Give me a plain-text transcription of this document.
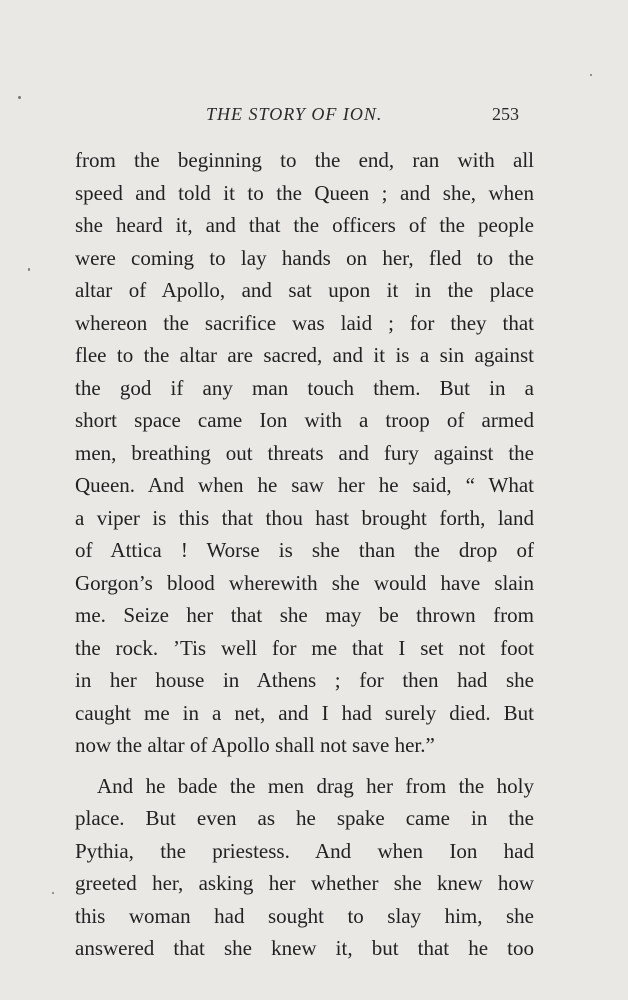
THE STORY OF ION.	253
from the beginning to the end, ran with all
speed and told it to the Queen ; and she, when
she heard it, and that the officers of the people
were coming to lay hands on her, fled to the
altar of Apollo, and sat upon it in the place
whereon the sacrifice was laid ; for they that
flee to the altar are sacred, and it is a sin against
the god if any man touch them. But in a
short space came Ion with a troop of armed
men, breathing out threats and fury against the
Queen. And when he saw her he said, “ What
a viper is this that thou hast brought forth, land
of Attica ! Worse is she than the drop of
Gorgon’s blood wherewith she would have slain
me. Seize her that she may be thrown from
the rock. ’Tis well for me that I set not foot
in her house in Athens ; for then had she
caught me in a net, and I had surely died. But
now the altar of Apollo shall not save her.”
And he bade the men drag her from the holy
place. But even as he spake came in the
Pythia, the priestess. And when Ion had
greeted her, asking her whether she knew how
this woman had sought to slay him, she
answered that she knew it, but that he too
